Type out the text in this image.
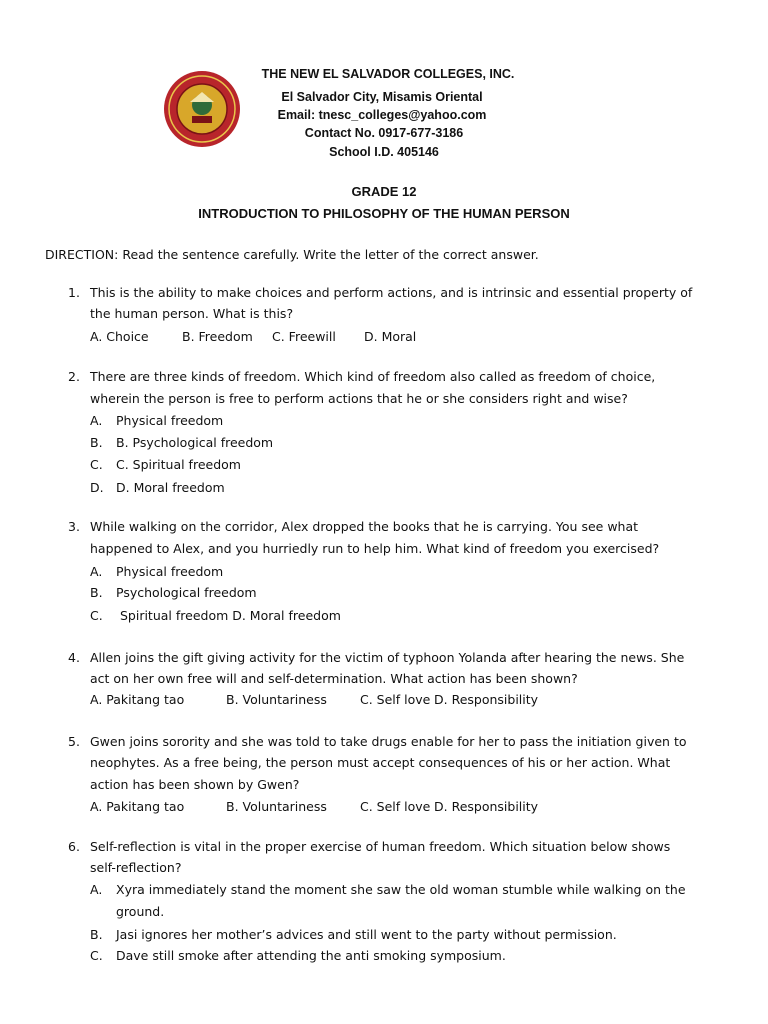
THE NEW EL SALVADOR COLLEGES, INC.
El Salvador City, Misamis Oriental
Email: tnesc_colleges@yahoo.com
Contact No. 0917-677-3186
School I.D. 405146
GRADE 12
INTRODUCTION TO PHILOSOPHY OF THE HUMAN PERSON
DIRECTION: Read the sentence carefully. Write the letter of the correct answer.
1. This is the ability to make choices and perform actions, and is intrinsic and essential property of
the human person. What is this?
A. Choice	B. Freedom C. Freewill D. Moral
2. There are three kinds of freedom. Which kind of freedom also called as freedom of choice,
wherein the person is free to perform actions that he or she considers right and wise?
A. Physical freedom
B. B. Psychological freedom
C. C. Spiritual freedom
D. D. Moral freedom
3. While walking on the corridor, Alex dropped the books that he is carrying. You see what
happened to Alex, and you hurriedly run to help him. What kind of freedom you exercised?
A. Physical freedom
B. Psychological freedom
C. Spiritual freedom D. Moral freedom
4. Allen joins the gift giving activity for the victim of typhoon Yolanda after hearing the news. She
act on her own free will and self-determination. What action has been shown?
A. Pakitang tao	B. Voluntariness	C. Self love D. Responsibility
5. Gwen joins sorority and she was told to take drugs enable for her to pass the initiation given to
neophytes. As a free being, the person must accept consequences of his or her action. What
action has been shown by Gwen?
A. Pakitang tao	B. Voluntariness	C. Self love D. Responsibility
6. Self-reflection is vital in the proper exercise of human freedom. Which situation below shows
self-reflection?
A. Xyra immediately stand the moment she saw the old woman stumble while walking on the
ground.
B. Jasi ignores her mother’s advices and still went to the party without permission.
C. Dave still smoke after attending the anti smoking symposium.
